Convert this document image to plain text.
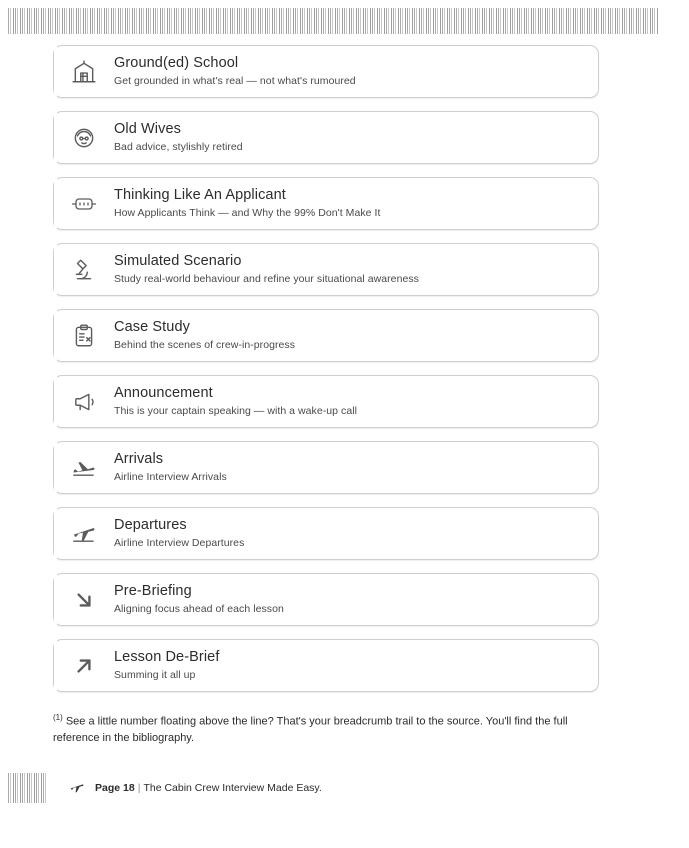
Ground(ed) School
Get grounded in what's real — not what's rumoured
Old Wives
Bad advice, stylishly retired
Thinking Like An Applicant
How Applicants Think — and Why the 99% Don't Make It
Simulated Scenario
Study real-world behaviour and refine your situational awareness
Case Study
Behind the scenes of crew-in-progress
Announcement
This is your captain speaking — with a wake-up call
Arrivals
Airline Interview Arrivals
Departures
Airline Interview Departures
Pre-Briefing
Aligning focus ahead of each lesson
Lesson De-Brief
Summing it all up
$^{(1)}$ See a little number floating above the line? That's your breadcrumb trail to the source. You'll find the full reference in the bibliography.
Page 18 | The Cabin Crew Interview Made Easy.
